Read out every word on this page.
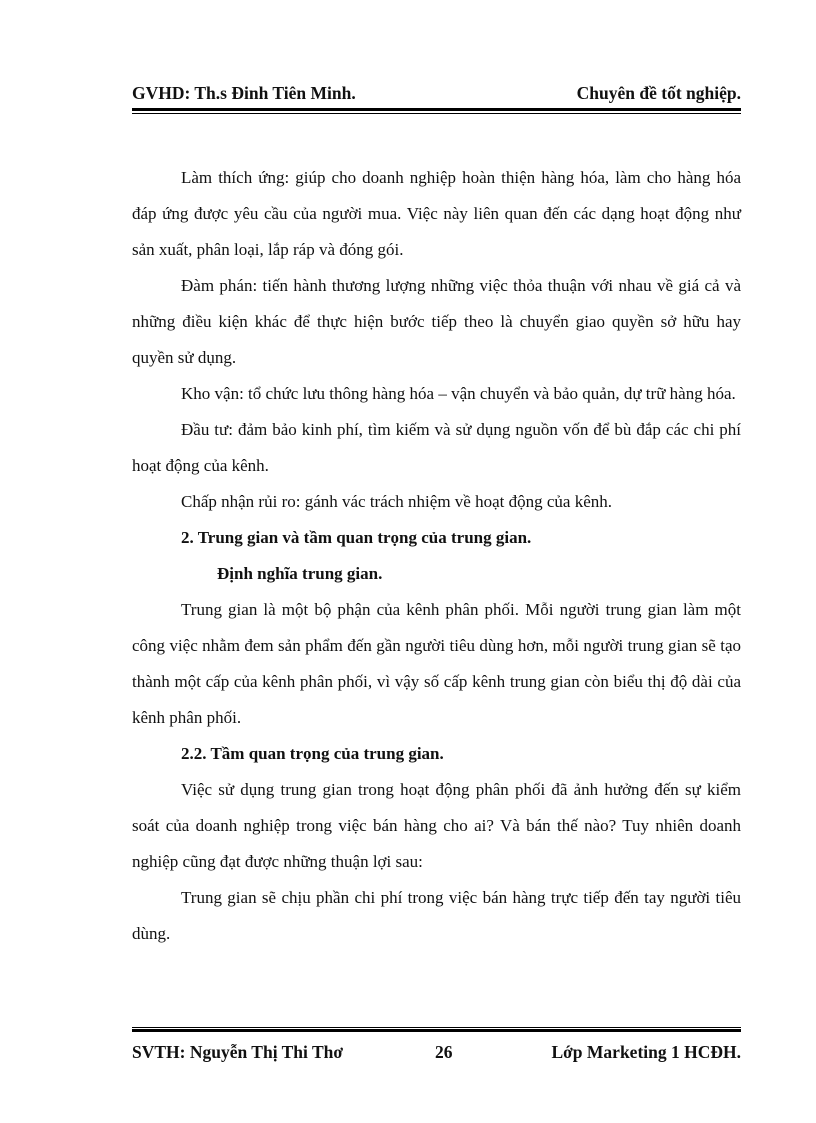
GVHD: Th.s Đinh Tiên Minh.	Chuyên đề tốt nghiệp.

Làm thích ứng: giúp cho doanh nghiệp hoàn thiện hàng hóa, làm cho hàng hóa đáp ứng được yêu cầu của người mua. Việc này liên quan đến các dạng hoạt động như sản xuất, phân loại, lắp ráp và đóng gói.

Đàm phán: tiến hành thương lượng những việc thỏa thuận với nhau về giá cả và những điều kiện khác để thực hiện bước tiếp theo là chuyển giao quyền sở hữu hay quyền sử dụng.

Kho vận: tổ chức lưu thông hàng hóa – vận chuyển và bảo quản, dự trữ hàng hóa.

Đầu tư: đảm bảo kinh phí, tìm kiếm và sử dụng nguồn vốn để bù đắp các chi phí hoạt động của kênh.

Chấp nhận rủi ro: gánh vác trách nhiệm về hoạt động của kênh.

2. Trung gian và tầm quan trọng của trung gian.

Định nghĩa trung gian.

Trung gian là một bộ phận của kênh phân phối. Mỗi người trung gian làm một công việc nhằm đem sản phẩm đến gần người tiêu dùng hơn, mỗi người trung gian sẽ tạo thành một cấp của kênh phân phối, vì vậy số cấp kênh trung gian còn biểu thị độ dài của kênh phân phối.

2.2. Tầm quan trọng của trung gian.

Việc sử dụng trung gian trong hoạt động phân phối đã ảnh hưởng đến sự kiểm soát của doanh nghiệp trong việc bán hàng cho ai? Và bán thế nào? Tuy nhiên doanh nghiệp cũng đạt được những thuận lợi sau:

Trung gian sẽ chịu phần chi phí trong việc bán hàng trực tiếp đến tay người tiêu dùng.

SVTH: Nguyễn Thị Thi Thơ	26	Lớp Marketing 1 HCĐH.
